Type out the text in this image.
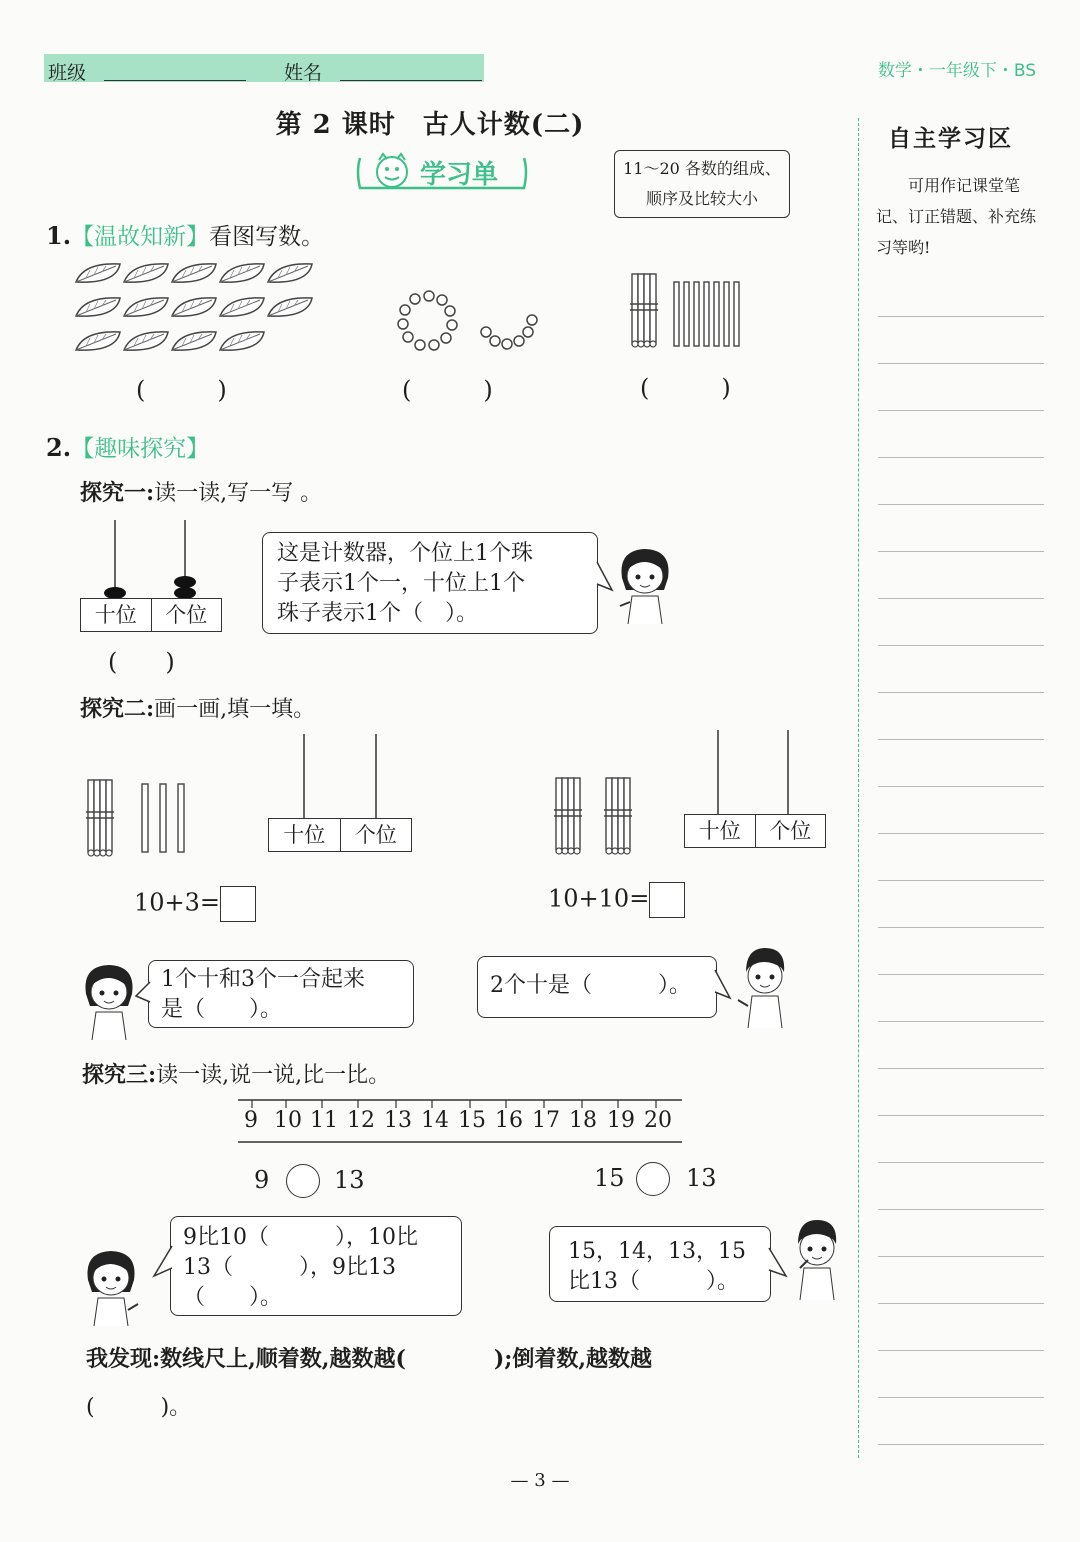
班级	姓名	数学・一年级下・BS
第 2 课时　古人计数(二)
学习单	11～20 各数的组成、
顺序及比较大小
1.【温故知新】看图写数。
(　　　)	(　　　)	(　　　)
2.【趣味探究】
探究一:读一读,写一写 。
十位	个位
(　　)
这是计数器，个位上1个珠
子表示1个一，十位上1个
珠子表示1个（　）。
探究二:画一画,填一填。
十位	个位
10+3=
十位	个位
10+10=
1个十和3个一合起来
是（　　）。
2个十是（　　　）。
探究三:读一读,说一说,比一比。
9 10 11 12 13 14 15 16 17 18 19 20
9	13	15	13
9比10（　　　），10比
13（　　　），9比13
（　　）。
15，14，13，15
比13（　　　）。
我发现:数线尺上,顺着数,越数越(　　　　);倒着数,越数越
(　　　)。
自主学习区
可用作记课堂笔记、订正错题、补充练习等哟!
— 3 —
